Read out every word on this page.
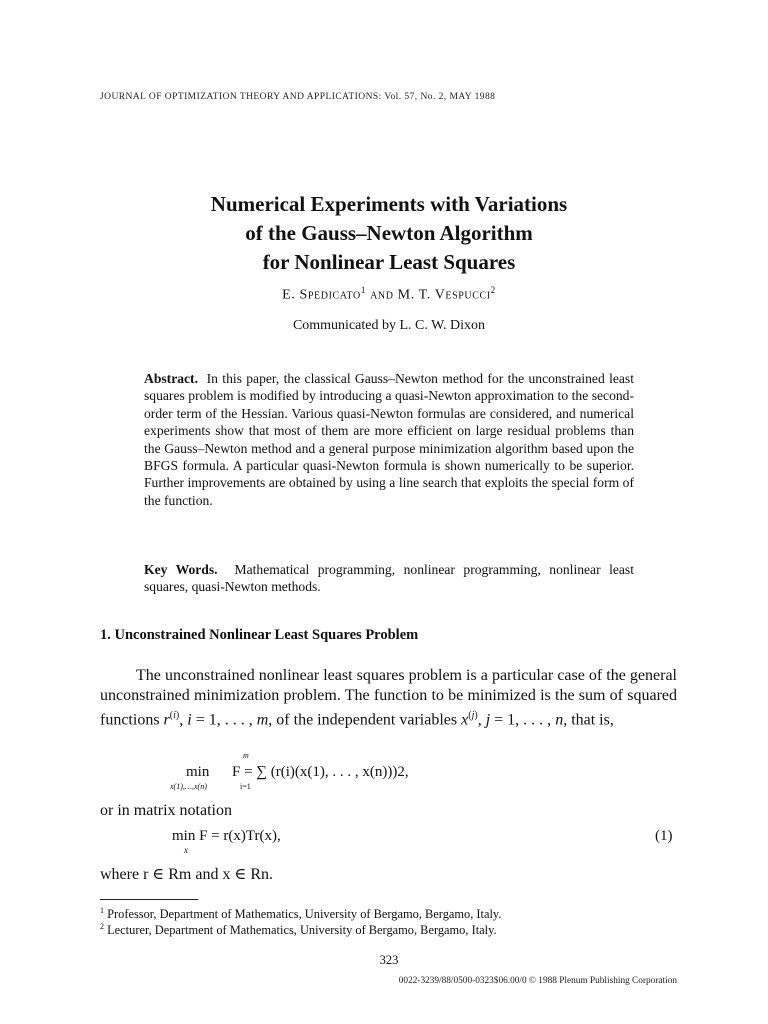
JOURNAL OF OPTIMIZATION THEORY AND APPLICATIONS: Vol. 57, No. 2, MAY 1988
Numerical Experiments with Variations
of the Gauss–Newton Algorithm
for Nonlinear Least Squares
E. Spedicato$^1$ and M. T. Vespucci$^2$
Communicated by L. C. W. Dixon

Abstract. In this paper, the classical Gauss–Newton method for the unconstrained least squares problem is modified by introducing a quasi-Newton approximation to the second-order term of the Hessian. Various quasi-Newton formulas are considered, and numerical experiments show that most of them are more efficient on large residual problems than the Gauss–Newton method and a general purpose minimization algorithm based upon the BFGS formula. A particular quasi-Newton formula is shown numerically to be superior. Further improvements are obtained by using a line search that exploits the special form of the function.

Key Words. Mathematical programming, nonlinear programming, nonlinear least squares, quasi-Newton methods.

1. Unconstrained Nonlinear Least Squares Problem

The unconstrained nonlinear least squares problem is a particular case of the general unconstrained minimization problem. The function to be minimized is the sum of squared functions $r^{(i)}$, i = 1, . . . , m, of the independent variables $x^{(j)}$, j = 1, . . . , n, that is,

min
x(1),…,x(n)
m
i=1
F = ∑ (r(i)(x(1), . . . , x(n)))2,
or in matrix notation
min F = r(x)Tr(x),
x
(1)
where r ∈ Rm and x ∈ Rn.
$^1$ Professor, Department of Mathematics, University of Bergamo, Bergamo, Italy.
$^2$ Lecturer, Department of Mathematics, University of Bergamo, Bergamo, Italy.
323
0022-3239/88/0500-0323$06.00/0 © 1988 Plenum Publishing Corporation
